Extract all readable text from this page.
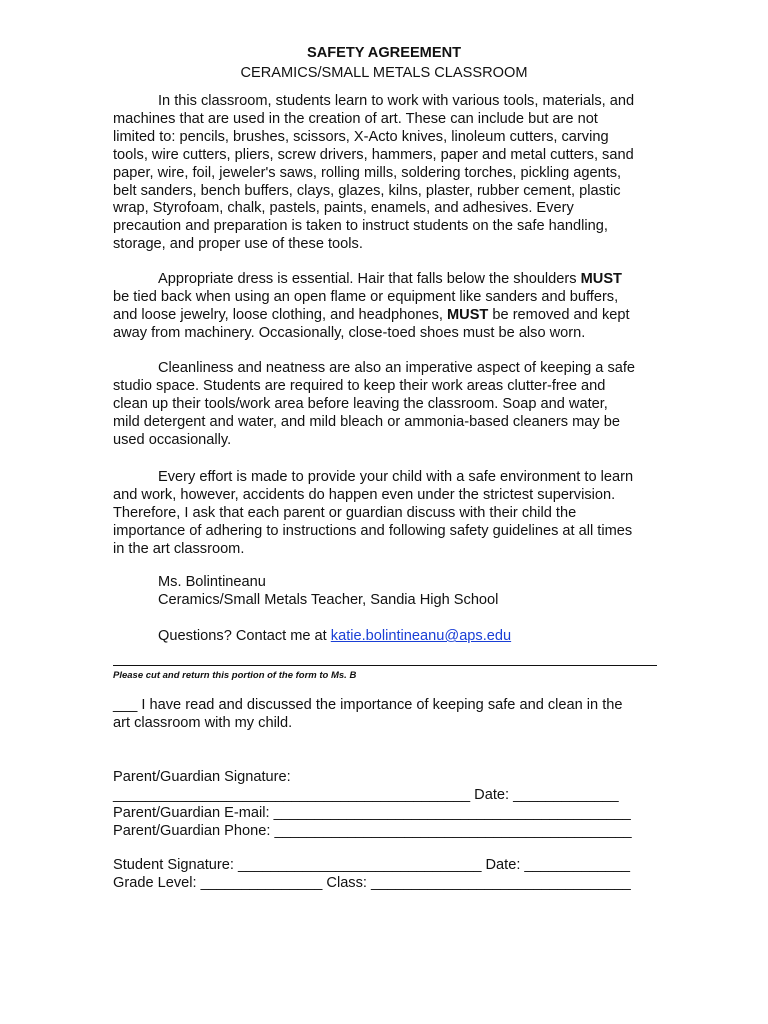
SAFETY AGREEMENT
CERAMICS/SMALL METALS CLASSROOM
In this classroom, students learn to work with various tools, materials, and
machines that are used in the creation of art. These can include but are not
limited to: pencils, brushes, scissors, X-Acto knives, linoleum cutters, carving
tools, wire cutters, pliers, screw drivers, hammers, paper and metal cutters, sand
paper, wire, foil, jeweler's saws, rolling mills, soldering torches, pickling agents,
belt sanders, bench buffers, clays, glazes, kilns, plaster, rubber cement, plastic
wrap, Styrofoam, chalk, pastels, paints, enamels, and adhesives. Every
precaution and preparation is taken to instruct students on the safe handling,
storage, and proper use of these tools.
Appropriate dress is essential. Hair that falls below the shoulders MUST
be tied back when using an open flame or equipment like sanders and buffers,
and loose jewelry, loose clothing, and headphones, MUST be removed and kept
away from machinery. Occasionally, close-toed shoes must be also worn.
Cleanliness and neatness are also an imperative aspect of keeping a safe
studio space. Students are required to keep their work areas clutter-free and
clean up their tools/work area before leaving the classroom. Soap and water,
mild detergent and water, and mild bleach or ammonia-based cleaners may be
used occasionally.
Every effort is made to provide your child with a safe environment to learn
and work, however, accidents do happen even under the strictest supervision.
Therefore, I ask that each parent or guardian discuss with their child the
importance of adhering to instructions and following safety guidelines at all times
in the art classroom.
Ms. Bolintineanu
Ceramics/Small Metals Teacher, Sandia High School
Questions? Contact me at katie.bolintineanu@aps.edu
Please cut and return this portion of the form to Ms. B
___ I have read and discussed the importance of keeping safe and clean in the
art classroom with my child.
Parent/Guardian Signature:
____________________________________________ Date: _____________
Parent/Guardian E-mail: ____________________________________________
Parent/Guardian Phone: ____________________________________________
Student Signature: ______________________________ Date: _____________
Grade Level: _______________ Class: ________________________________
